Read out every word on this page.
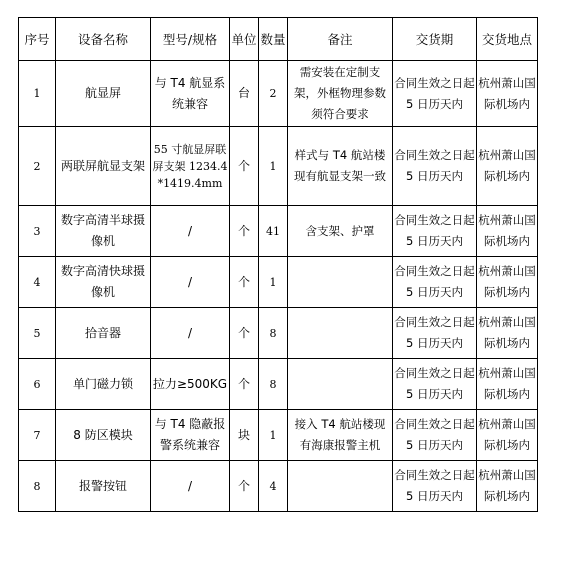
序号	设备名称	型号/规格	单位	数量	备注	交货期	交货地点
1	航显屏	与 T4 航显系统兼容	台	2	需安装在定制支架，外框物理参数须符合要求	合同生效之日起 5 日历天内	杭州萧山国际机场内
2	两联屏航显支架	55 寸航显屏联屏支架 1234.4*1419.4mm	个	1	样式与 T4 航站楼现有航显支架一致	合同生效之日起 5 日历天内	杭州萧山国际机场内
3	数字高清半球摄像机	/	个	41	含支架、护罩	合同生效之日起 5 日历天内	杭州萧山国际机场内
4	数字高清快球摄像机	/	个	1		合同生效之日起 5 日历天内	杭州萧山国际机场内
5	拾音器	/	个	8		合同生效之日起 5 日历天内	杭州萧山国际机场内
6	单门磁力锁	拉力≥500KG	个	8		合同生效之日起 5 日历天内	杭州萧山国际机场内
7	8 防区模块	与 T4 隐蔽报警系统兼容	块	1	接入 T4 航站楼现有海康报警主机	合同生效之日起 5 日历天内	杭州萧山国际机场内
8	报警按钮	/	个	4		合同生效之日起 5 日历天内	杭州萧山国际机场内
